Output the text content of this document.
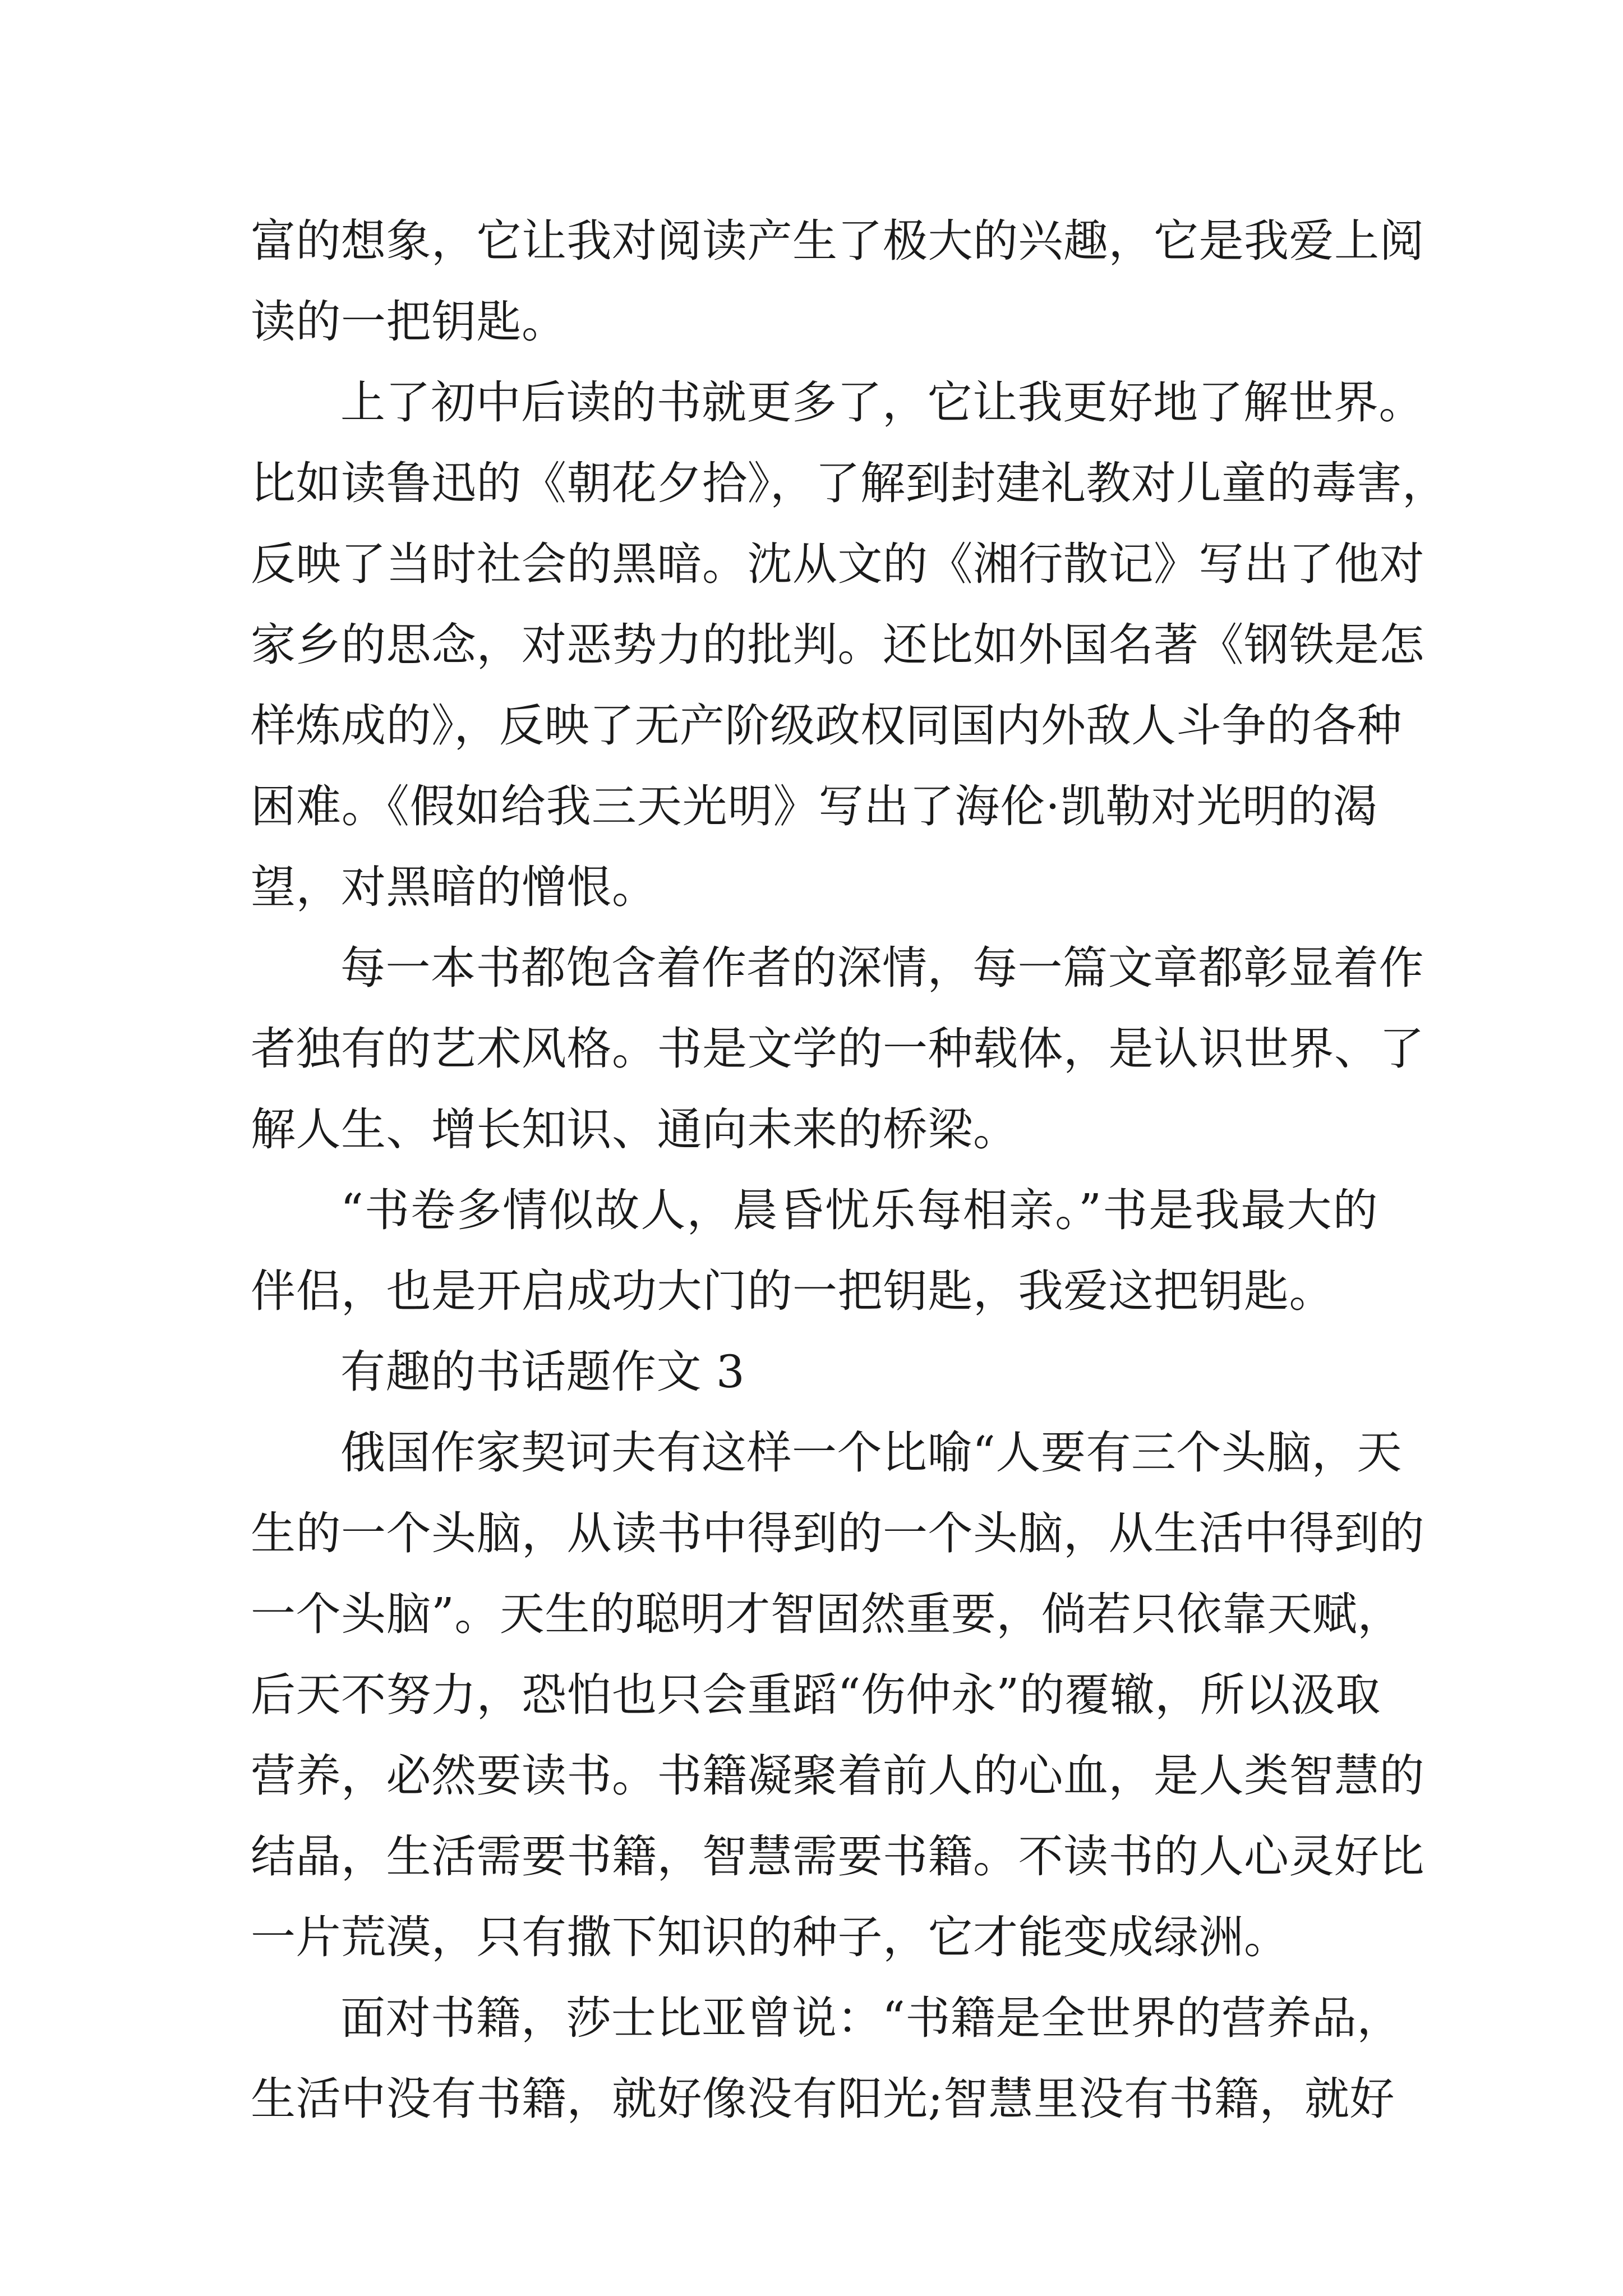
富的想象，它让我对阅读产生了极大的兴趣，它是我爱上阅
读的一把钥匙。
上了初中后读的书就更多了，它让我更好地了解世界。
比如读鲁迅的《朝花夕拾》，了解到封建礼教对儿童的毒害，
反映了当时社会的黑暗。沈从文的《湘行散记》写出了他对
家乡的思念，对恶势力的批判。还比如外国名著《钢铁是怎
样炼成的》，反映了无产阶级政权同国内外敌人斗争的各种
困难。《假如给我三天光明》写出了海伦·凯勒对光明的渴
望，对黑暗的憎恨。
每一本书都饱含着作者的深情，每一篇文章都彰显着作
者独有的艺术风格。书是文学的一种载体，是认识世界、了
解人生、增长知识、通向未来的桥梁。
“书卷多情似故人，晨昏忧乐每相亲。”书是我最大的
伴侣，也是开启成功大门的一把钥匙，我爱这把钥匙。
有趣的书话题作文 3
俄国作家契诃夫有这样一个比喻“人要有三个头脑，天
生的一个头脑，从读书中得到的一个头脑，从生活中得到的
一个头脑”。天生的聪明才智固然重要，倘若只依靠天赋，
后天不努力，恐怕也只会重蹈“伤仲永”的覆辙，所以汲取
营养，必然要读书。书籍凝聚着前人的心血，是人类智慧的
结晶，生活需要书籍，智慧需要书籍。不读书的人心灵好比
一片荒漠，只有撒下知识的种子，它才能变成绿洲。
面对书籍，莎士比亚曾说：“书籍是全世界的营养品，
生活中没有书籍，就好像没有阳光;智慧里没有书籍，就好
